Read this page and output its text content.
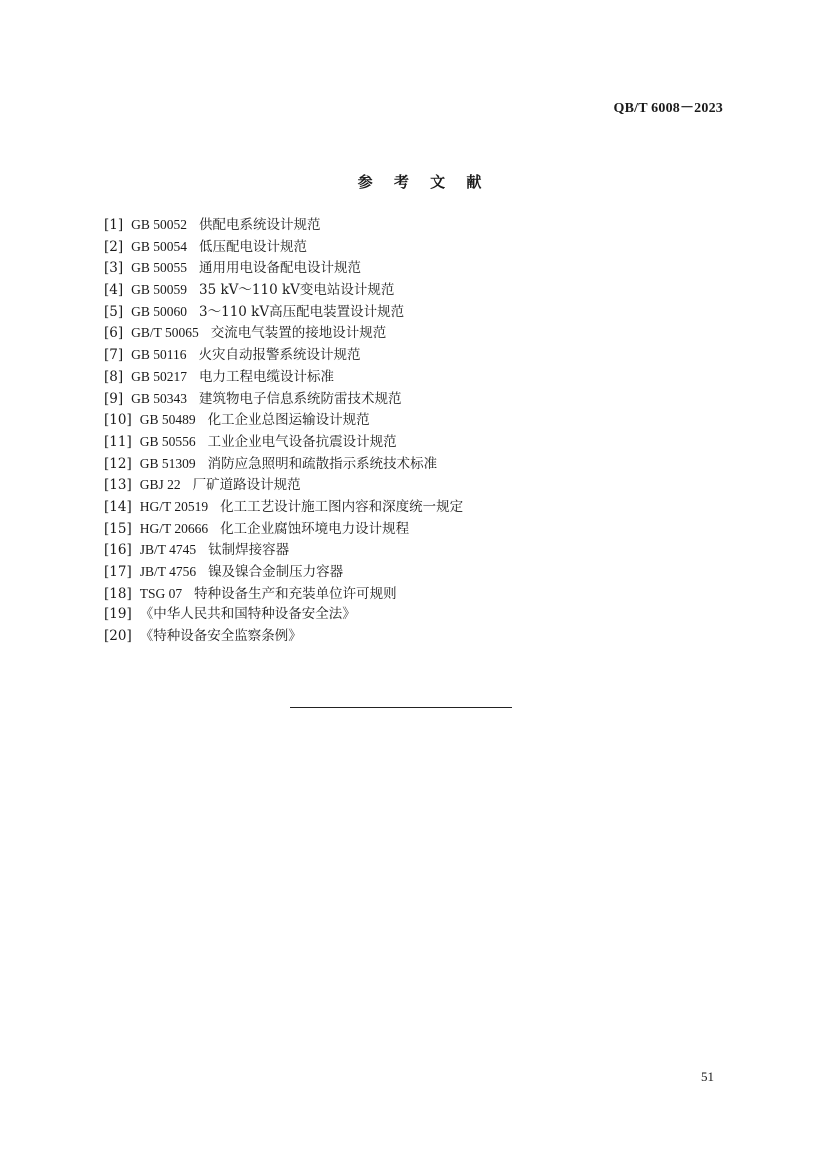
QB/T 6008－2023
参 考 文 献
[1] GB 50052 供配电系统设计规范
[2] GB 50054 低压配电设计规范
[3] GB 50055 通用用电设备配电设计规范
[4] GB 50059 35 kV～110 kV变电站设计规范
[5] GB 50060 3～110 kV高压配电装置设计规范
[6] GB/T 50065 交流电气装置的接地设计规范
[7] GB 50116 火灾自动报警系统设计规范
[8] GB 50217 电力工程电缆设计标准
[9] GB 50343 建筑物电子信息系统防雷技术规范
[10] GB 50489 化工企业总图运输设计规范
[11] GB 50556 工业企业电气设备抗震设计规范
[12] GB 51309 消防应急照明和疏散指示系统技术标准
[13] GBJ 22 厂矿道路设计规范
[14] HG/T 20519 化工工艺设计施工图内容和深度统一规定
[15] HG/T 20666 化工企业腐蚀环境电力设计规程
[16] JB/T 4745 钛制焊接容器
[17] JB/T 4756 镍及镍合金制压力容器
[18] TSG 07 特种设备生产和充装单位许可规则
[19] 《中华人民共和国特种设备安全法》
[20] 《特种设备安全监察条例》
51
